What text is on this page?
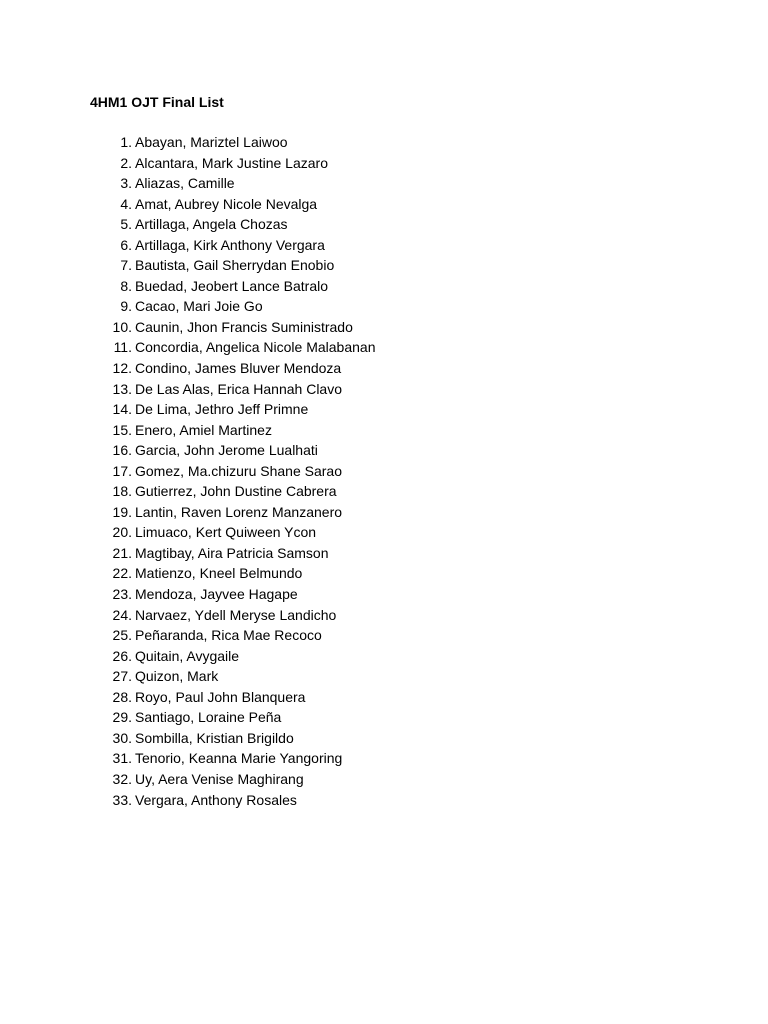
4HM1 OJT Final List
1. Abayan, Mariztel Laiwoo
2. Alcantara, Mark Justine Lazaro
3. Aliazas, Camille
4. Amat, Aubrey Nicole Nevalga
5. Artillaga, Angela Chozas
6. Artillaga, Kirk Anthony Vergara
7. Bautista, Gail Sherrydan Enobio
8. Buedad, Jeobert Lance Batralo
9. Cacao, Mari Joie Go
10. Caunin, Jhon Francis Suministrado
11. Concordia, Angelica Nicole Malabanan
12. Condino, James Bluver Mendoza
13. De Las Alas, Erica Hannah Clavo
14. De Lima, Jethro Jeff Primne
15. Enero, Amiel Martinez
16. Garcia, John Jerome Lualhati
17. Gomez, Ma.chizuru Shane Sarao
18. Gutierrez, John Dustine Cabrera
19. Lantin, Raven Lorenz Manzanero
20. Limuaco, Kert Quiween Ycon
21. Magtibay, Aira Patricia Samson
22. Matienzo, Kneel Belmundo
23. Mendoza, Jayvee Hagape
24. Narvaez, Ydell Meryse Landicho
25. Peñaranda, Rica Mae Recoco
26. Quitain, Avygaile
27. Quizon, Mark
28. Royo, Paul John Blanquera
29. Santiago, Loraine Peña
30. Sombilla, Kristian Brigildo
31. Tenorio, Keanna Marie Yangoring
32. Uy, Aera Venise Maghirang
33. Vergara, Anthony Rosales
